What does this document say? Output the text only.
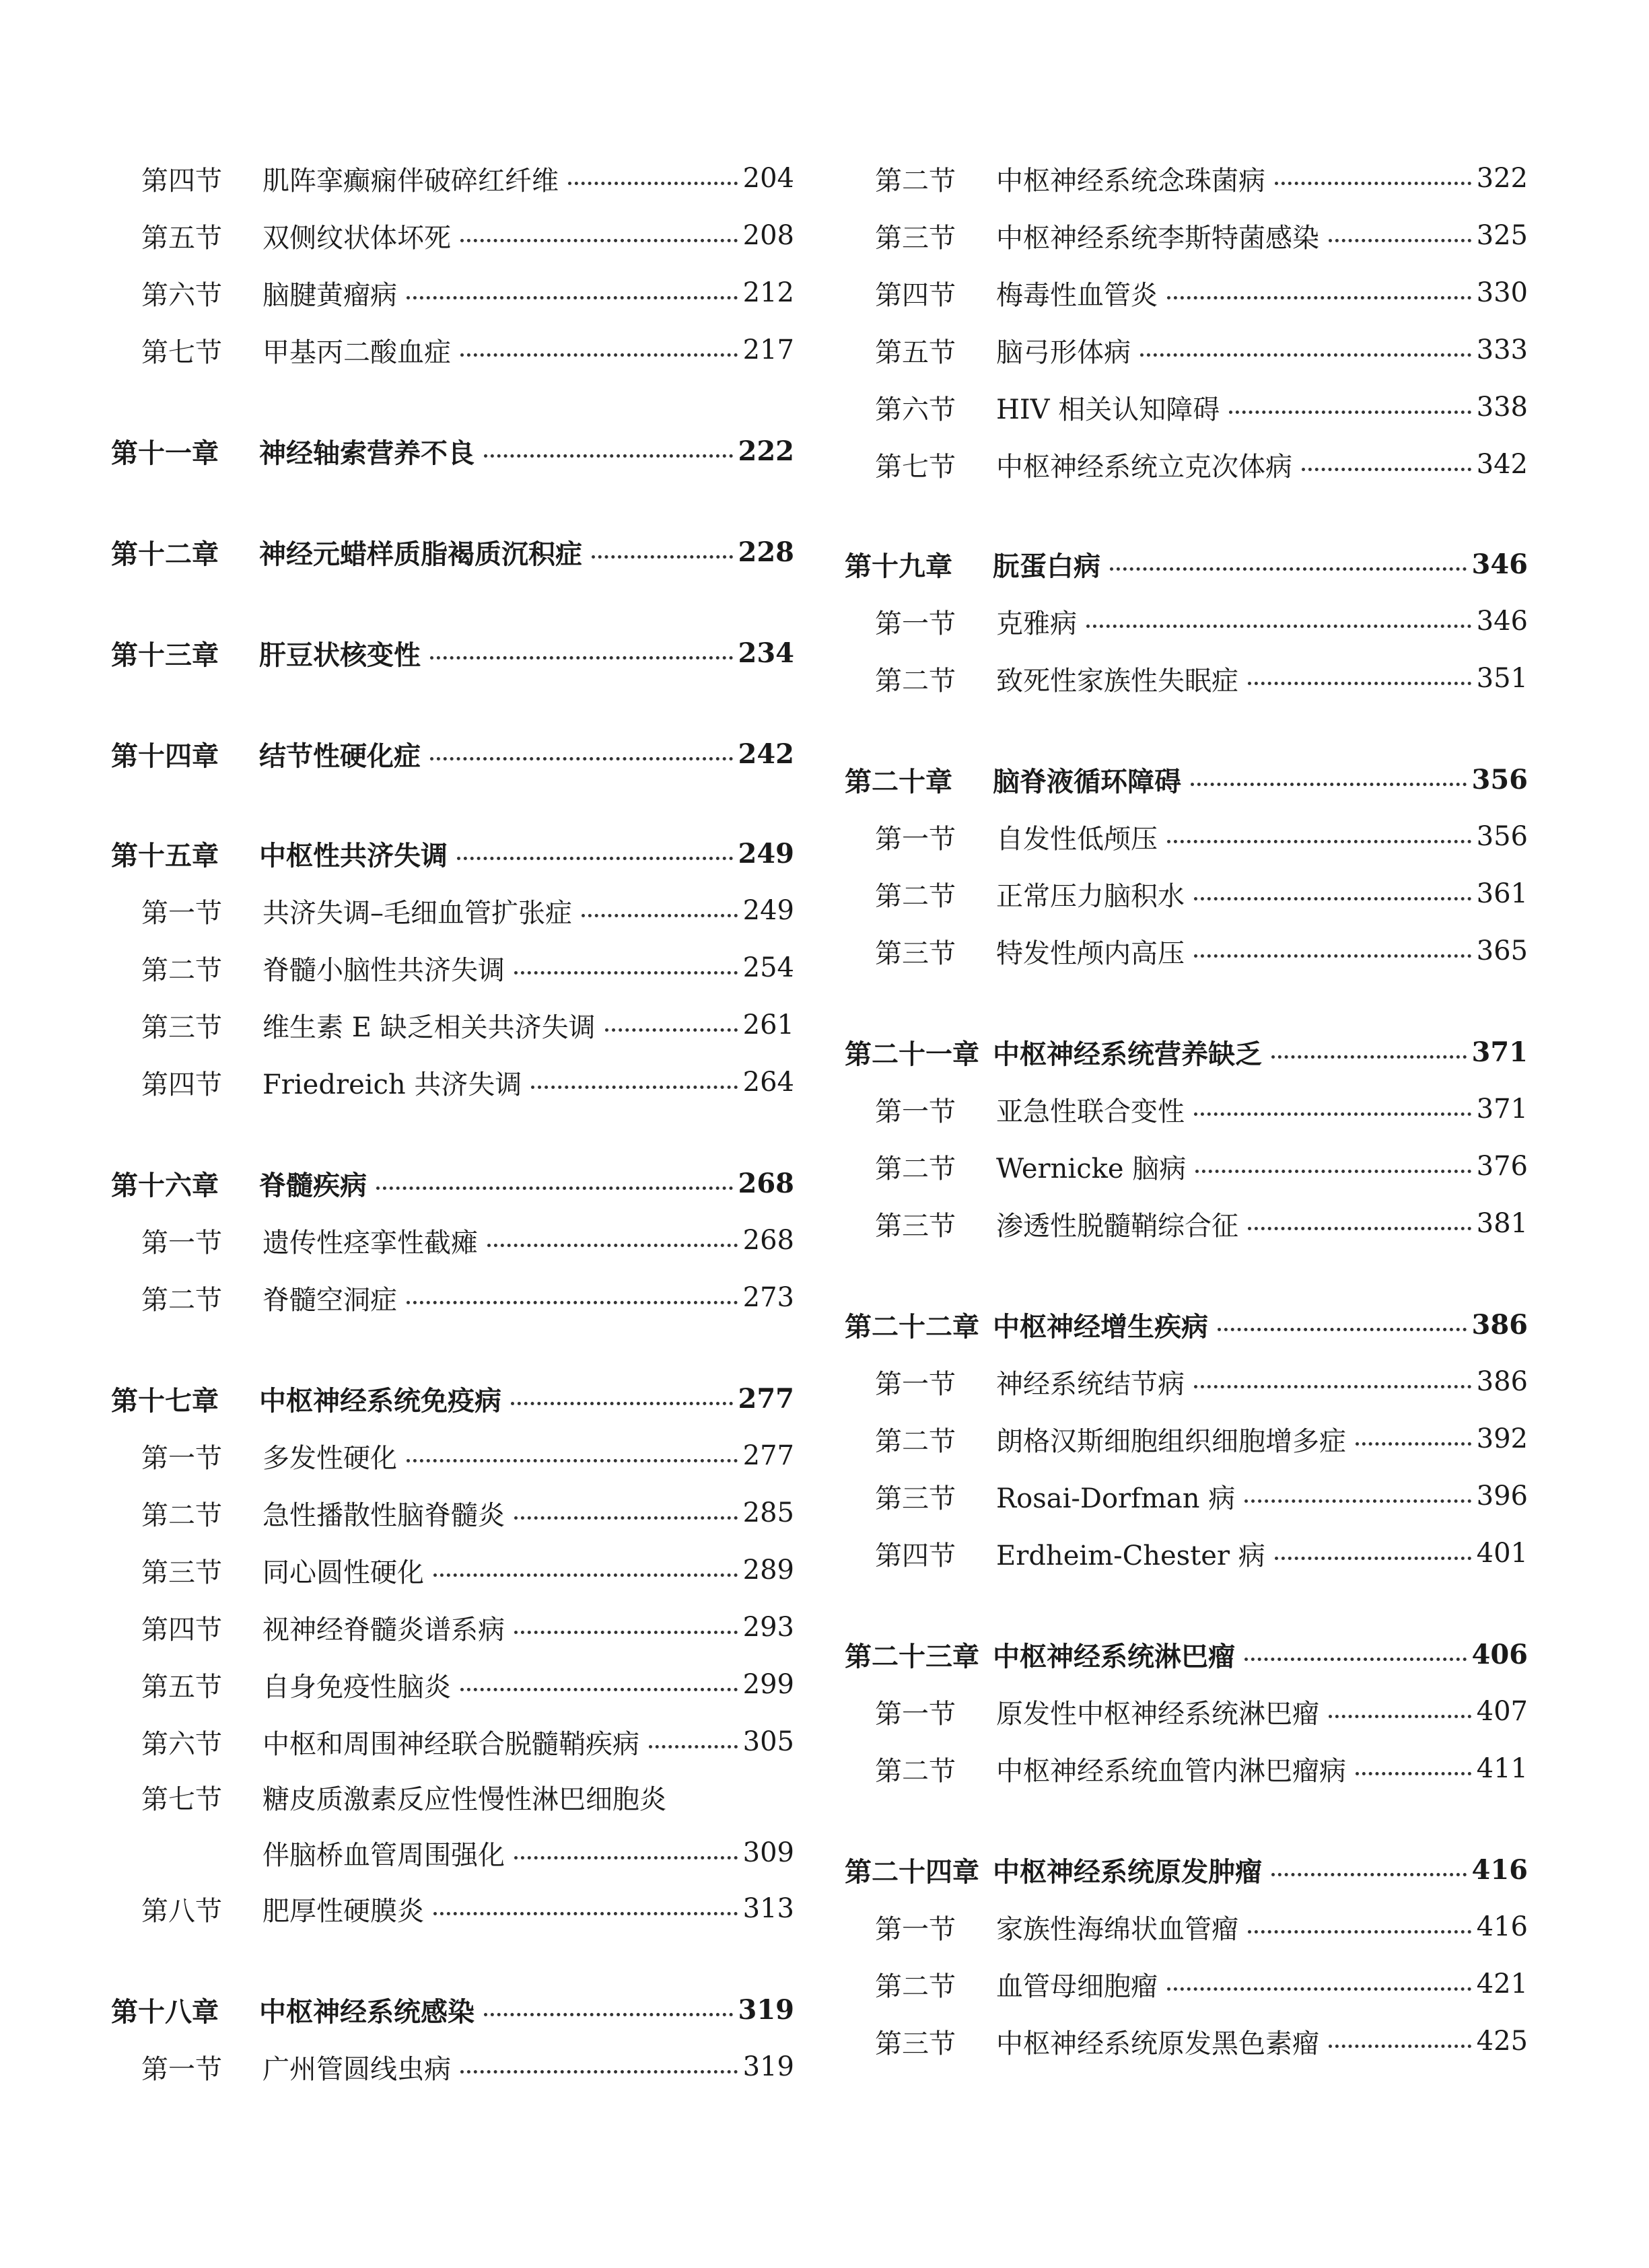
第四节	肌阵挛癫痫伴破碎红纤维	204
第五节	双侧纹状体坏死	208
第六节	脑腱黄瘤病	212
第七节	甲基丙二酸血症	217
第十一章	神经轴索营养不良	222
第十二章	神经元蜡样质脂褐质沉积症	228
第十三章	肝豆状核变性	234
第十四章	结节性硬化症	242
第十五章	中枢性共济失调	249
第一节	共济失调–毛细血管扩张症	249
第二节	脊髓小脑性共济失调	254
第三节	维生素 E 缺乏相关共济失调	261
第四节	Friedreich 共济失调	264
第十六章	脊髓疾病	268
第一节	遗传性痉挛性截瘫	268
第二节	脊髓空洞症	273
第十七章	中枢神经系统免疫病	277
第一节	多发性硬化	277
第二节	急性播散性脑脊髓炎	285
第三节	同心圆性硬化	289
第四节	视神经脊髓炎谱系病	293
第五节	自身免疫性脑炎	299
第六节	中枢和周围神经联合脱髓鞘疾病	305
第七节	糖皮质激素反应性慢性淋巴细胞炎
伴脑桥血管周围强化	309
第八节	肥厚性硬膜炎	313
第十八章	中枢神经系统感染	319
第一节	广州管圆线虫病	319
第二节	中枢神经系统念珠菌病	322
第三节	中枢神经系统李斯特菌感染	325
第四节	梅毒性血管炎	330
第五节	脑弓形体病	333
第六节	HIV 相关认知障碍	338
第七节	中枢神经系统立克次体病	342
第十九章	朊蛋白病	346
第一节	克雅病	346
第二节	致死性家族性失眠症	351
第二十章	脑脊液循环障碍	356
第一节	自发性低颅压	356
第二节	正常压力脑积水	361
第三节	特发性颅内高压	365
第二十一章 中枢神经系统营养缺乏	371
第一节	亚急性联合变性	371
第二节	Wernicke 脑病	376
第三节	渗透性脱髓鞘综合征	381
第二十二章 中枢神经增生疾病	386
第一节	神经系统结节病	386
第二节	朗格汉斯细胞组织细胞增多症	392
第三节	Rosai-Dorfman 病	396
第四节	Erdheim-Chester 病	401
第二十三章 中枢神经系统淋巴瘤	406
第一节	原发性中枢神经系统淋巴瘤	407
第二节	中枢神经系统血管内淋巴瘤病	411
第二十四章 中枢神经系统原发肿瘤	416
第一节	家族性海绵状血管瘤	416
第二节	血管母细胞瘤	421
第三节	中枢神经系统原发黑色素瘤	425
